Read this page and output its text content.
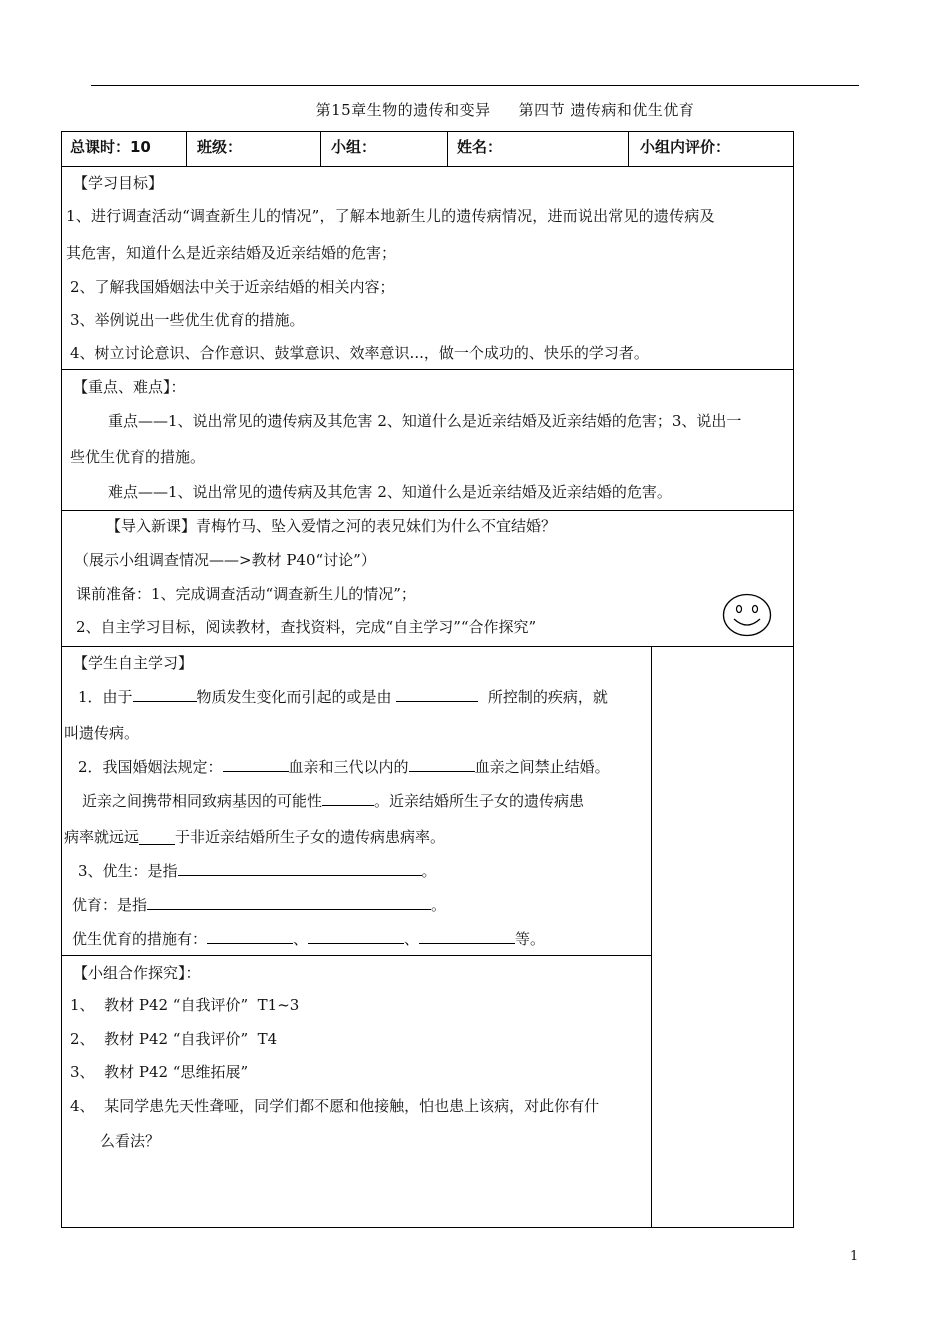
第15章生物的遗传和变异 第四节 遗传病和优生优育
总课时：10	班级：	小组：	姓名：	小组内评价：
【学习目标】
1、进行调查活动“调查新生儿的情况”，了解本地新生儿的遗传病情况，进而说出常见的遗传病及
其危害，知道什么是近亲结婚及近亲结婚的危害；
2、了解我国婚姻法中关于近亲结婚的相关内容；
3、举例说出一些优生优育的措施。
4、树立讨论意识、合作意识、鼓掌意识、效率意识...，做一个成功的、快乐的学习者。
【重点、难点】：
重点——1、说出常见的遗传病及其危害 2、知道什么是近亲结婚及近亲结婚的危害；3、说出一
些优生优育的措施。
难点——1、说出常见的遗传病及其危害 2、知道什么是近亲结婚及近亲结婚的危害。
【导入新课】青梅竹马、坠入爱情之河的表兄妹们为什么不宜结婚？
（展示小组调查情况——>教材 P40“讨论”）
课前准备：1、完成调查活动“调查新生儿的情况”；
2、自主学习目标，阅读教材，查找资料，完成“自主学习”“合作探究”
【学生自主学习】
1．由于	物质发生变化而引起的或是由	所控制的疾病，就
叫遗传病。
2．我国婚姻法规定：	血亲和三代以内的	血亲之间禁止结婚。
近亲之间携带相同致病基因的可能性	。近亲结婚所生子女的遗传病患
病率就远远 于非近亲结婚所生子女的遗传病患病率。
3、优生：是指	。
优育：是指	。
优生优育的措施有：	、	、	等。
【小组合作探究】：
1、  教材 P42 “自我评价”  T1~3
2、  教材 P42 “自我评价”  T4
3、  教材 P42 “思维拓展”
4、  某同学患先天性聋哑，同学们都不愿和他接触，怕也患上该病，对此你有什
么看法？
1
